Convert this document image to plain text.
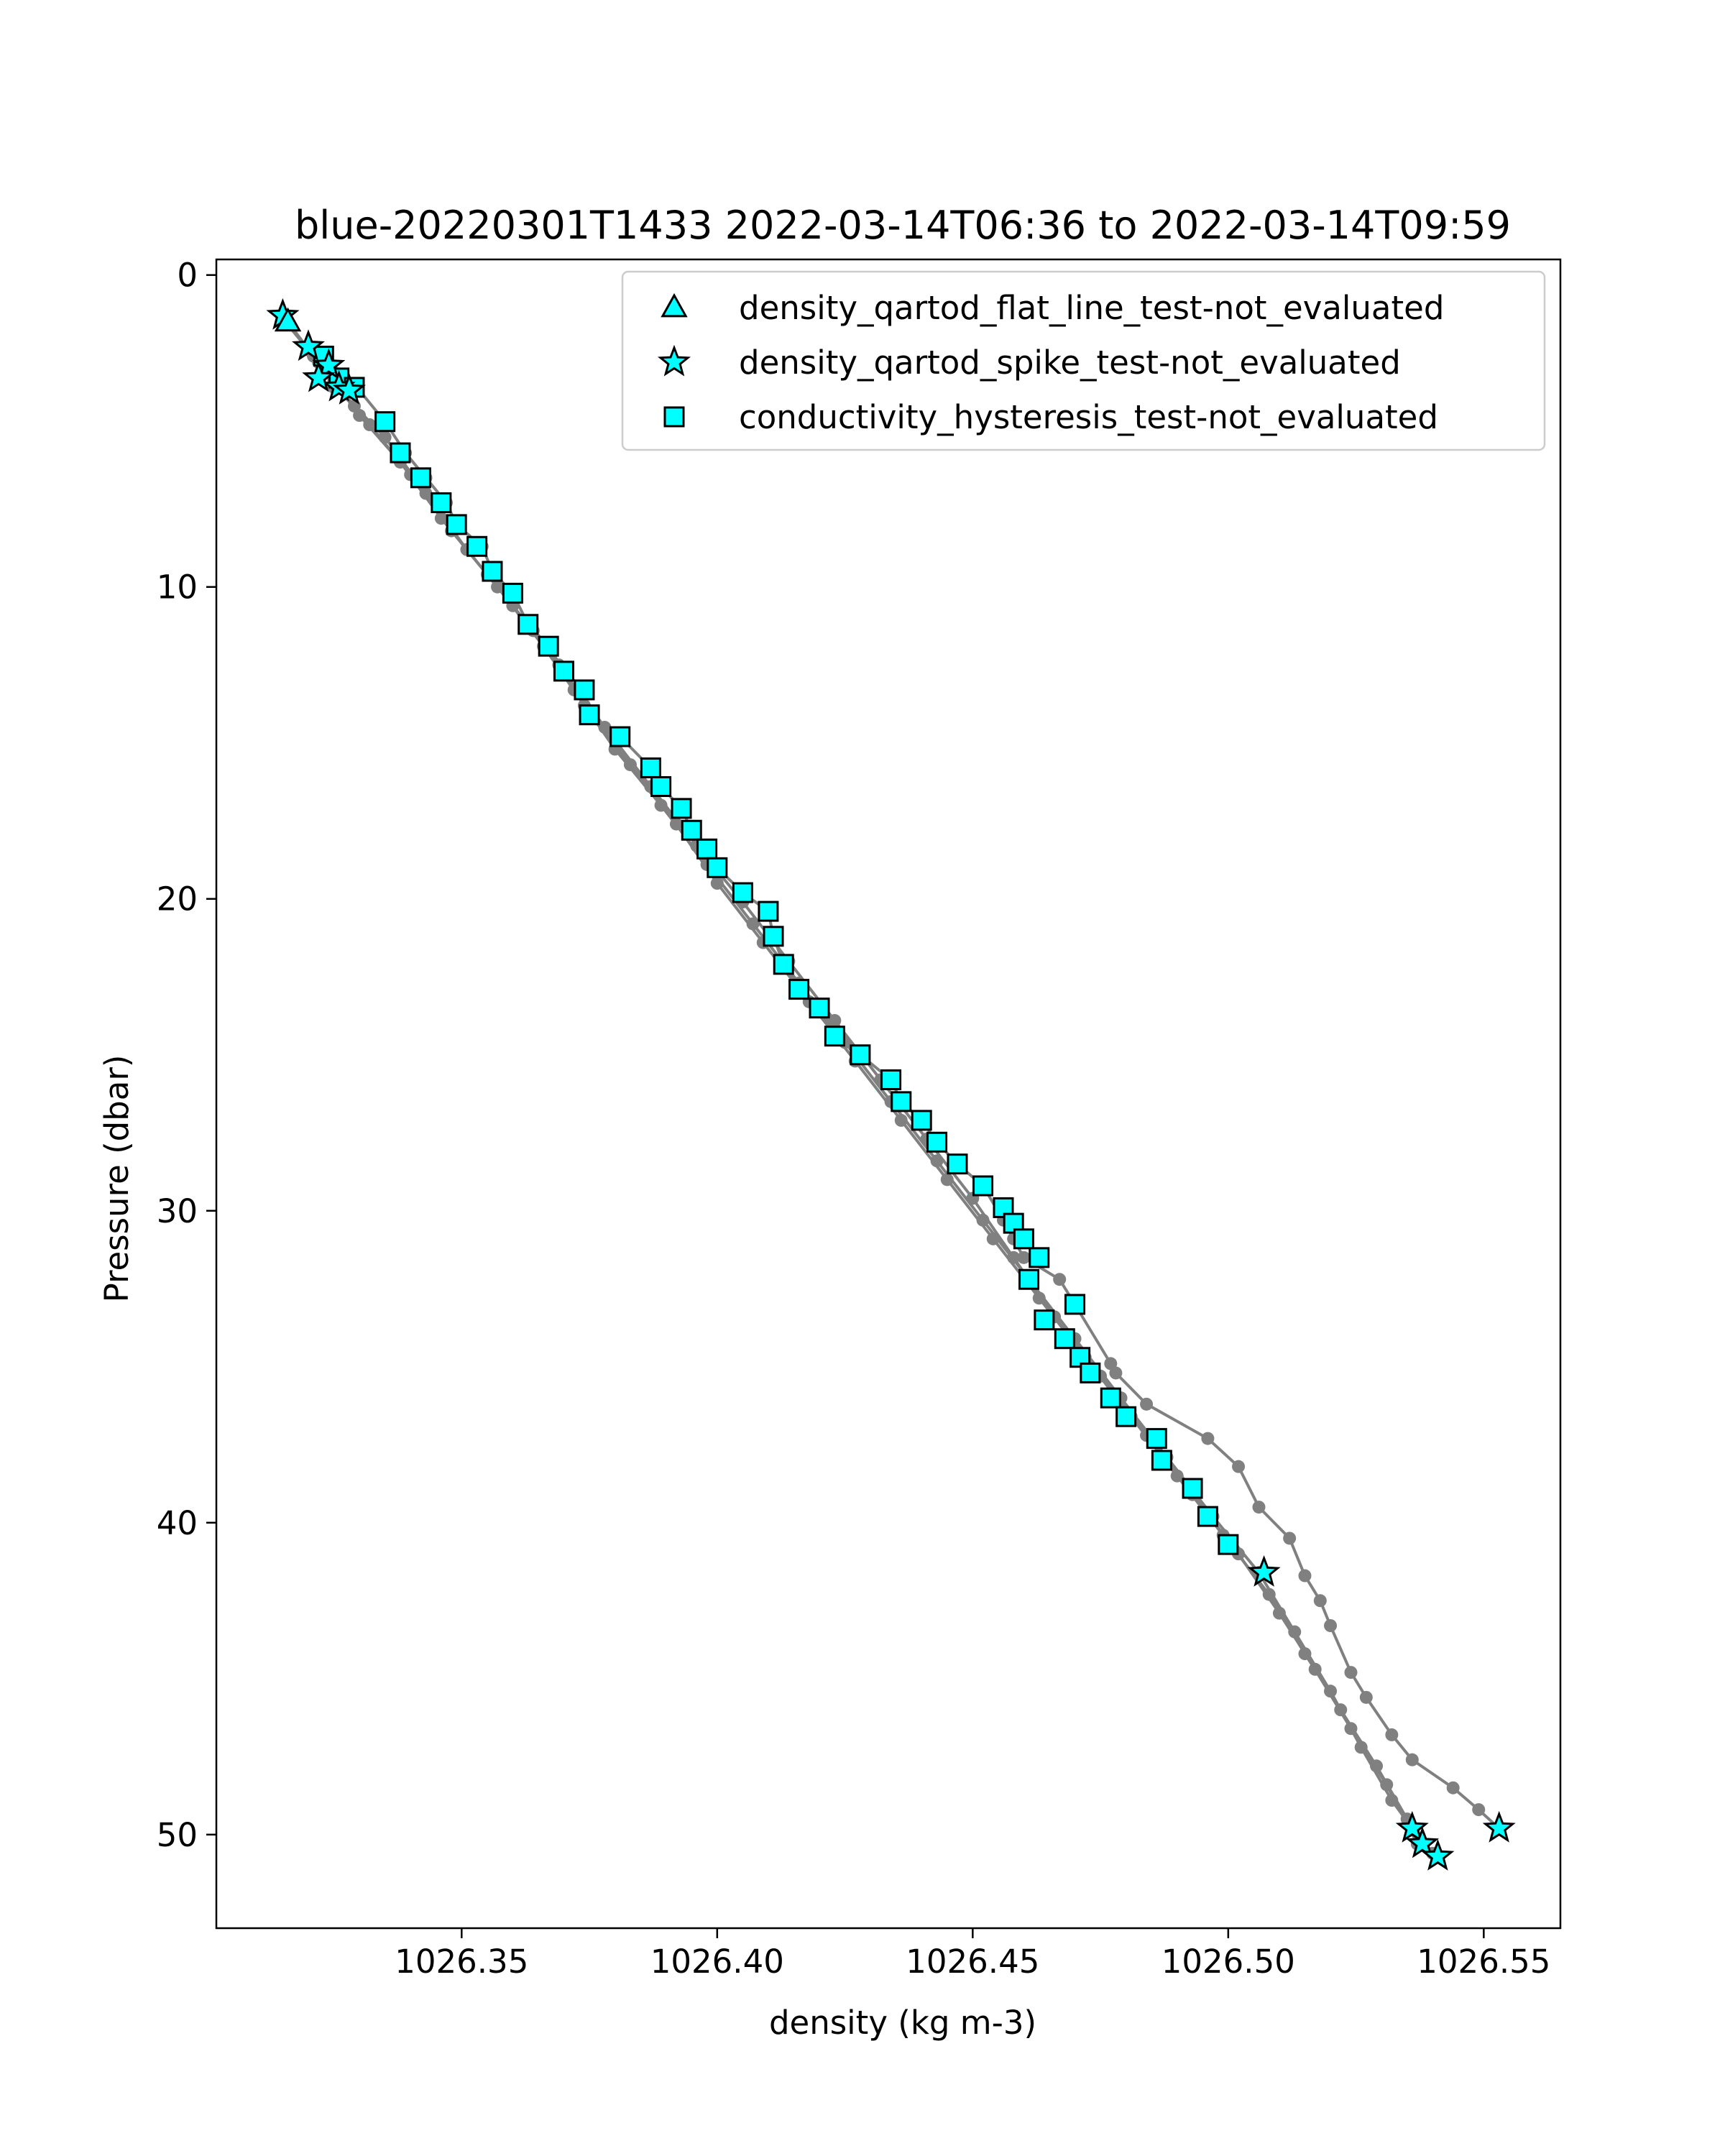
blue-20220301T1433 2022-03-14T06:36 to 2022-03-14T09:59
1026.35	1026.40	1026.45	1026.50	1026.55
0
10
20
30
40
50
density (kg m-3)
Pressure (dbar)
density_qartod_flat_line_test-not_evaluated
density_qartod_spike_test-not_evaluated
conductivity_hysteresis_test-not_evaluated
